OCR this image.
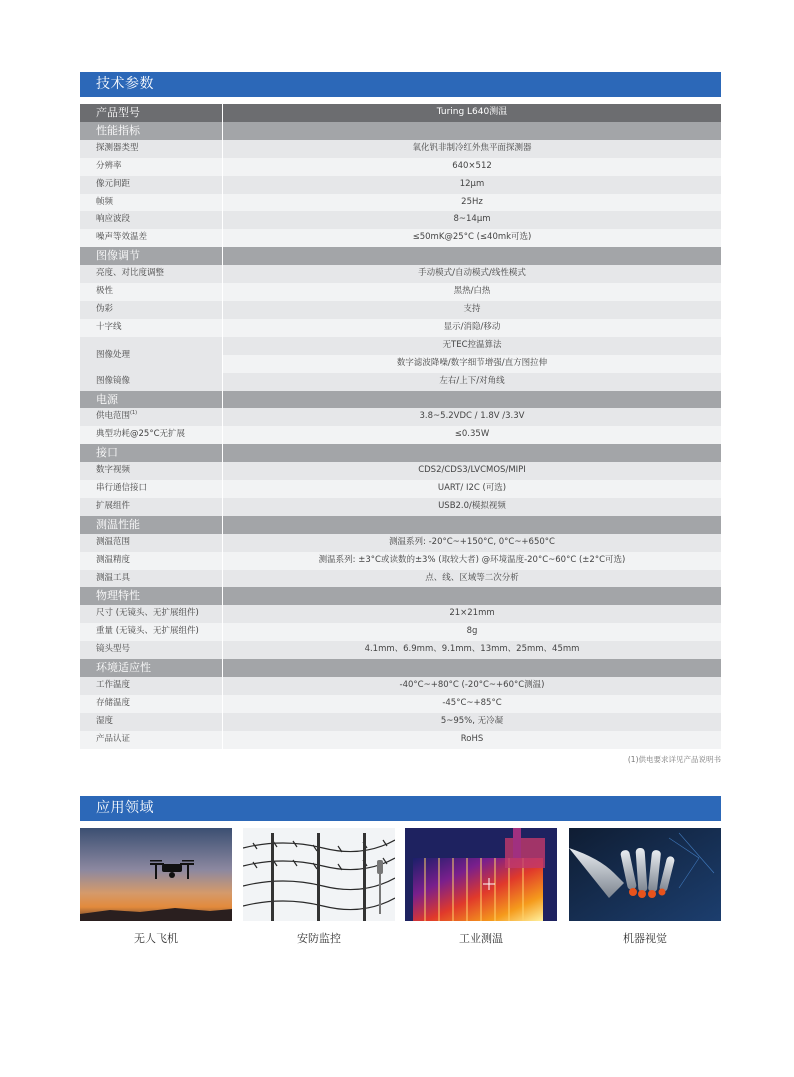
技术参数
产品型号	Turing L640测温
性能指标	
探测器类型	氧化钒非制冷红外焦平面探测器
分辨率	640×512
像元间距	12μm
帧频	25Hz
响应波段	8~14μm
噪声等效温差	≤50mK@25°C (≤40mk可选)
图像调节	
亮度、对比度调整	手动模式/自动模式/线性模式
极性	黑热/白热
伪彩	支持
十字线	显示/消隐/移动
图像处理	无TEC控温算法
	数字滤波降噪/数字细节增强/直方图拉伸
图像镜像	左右/上下/对角线
电源	
供电范围$^{(1)}$	3.8~5.2VDC / 1.8V /3.3V
典型功耗@25°C无扩展	≤0.35W
接口	
数字视频	CDS2/CDS3/LVCMOS/MIPI
串行通信接口	UART/ I2C (可选)
扩展组件	USB2.0/模拟视频
测温性能	
测温范围	测温系列: -20°C~+150°C, 0°C~+650°C
测温精度	测温系列: ±3°C或读数的±3% (取较大者) @环境温度-20°C~60°C (±2°C可选)
测温工具	点、线、区域等二次分析
物理特性	
尺寸 (无镜头、无扩展组件)	21×21mm
重量 (无镜头、无扩展组件)	8g
镜头型号	4.1mm、6.9mm、9.1mm、13mm、25mm、45mm
环境适应性	
工作温度	-40°C~+80°C (-20°C~+60°C测温)
存储温度	-45°C~+85°C
湿度	5~95%, 无冷凝
产品认证	RoHS
(1)供电要求详见产品说明书
应用领域
无人飞机	安防监控	工业测温	机器视觉
